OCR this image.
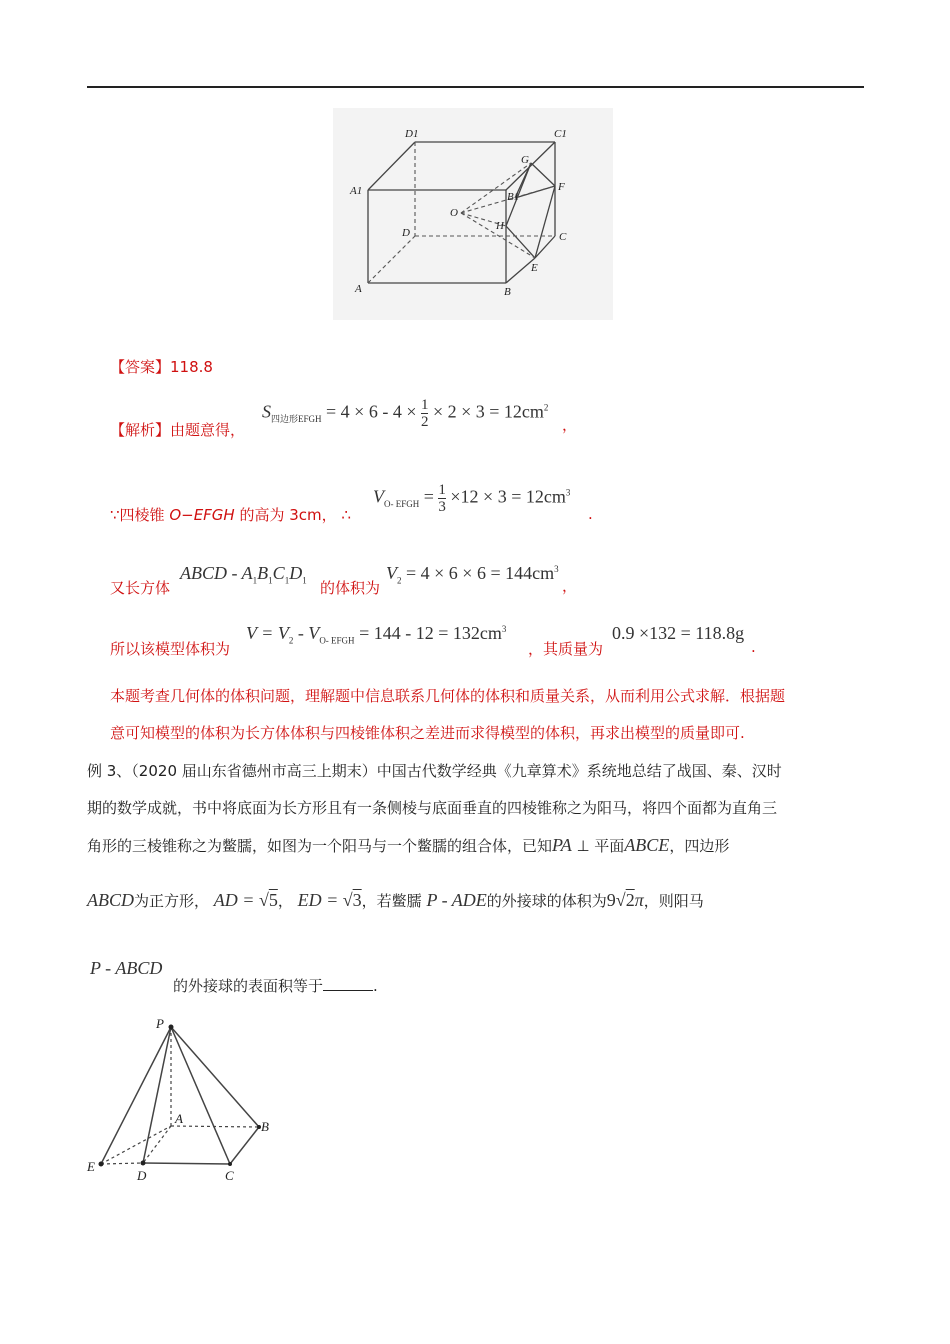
D1	C1
G
A1	B1
F
O
D
H
C
E
A	B
【答案】118.8
【解析】由题意得，
$S_{四边形EFGH} = 4 \times 6 - 4 \times \frac{1}{2} \times 2 \times 3 = 12cm^2$
，
∵四棱锥 O−EFGH 的高为 3cm， ∴
$V_{O- EFGH} = \frac{1}{3} \times 12 \times 3 = 12cm^3$
.
又长方体
ABCD - $A_1B_1C_1D_1$ 的体积为
$V_2 = 4 \times 6 \times 6 = 144cm^3$
，
所以该模型体积为
$V = V_2 - V_{O- EFGH} = 144 - 12 = 132cm^3$
，其质量为
0.9 ×132 = 118.8g
.
本题考查几何体的体积问题，理解题中信息联系几何体的体积和质量关系，从而利用公式求解．根据题
意可知模型的体积为长方体体积与四棱锥体积之差进而求得模型的体积，再求出模型的质量即可.
例 3、（2020 届山东省德州市高三上期末）中国古代数学经典《九章算术》系统地总结了战国、秦、汉时
期的数学成就，书中将底面为长方形且有一条侧棱与底面垂直的四棱锥称之为阳马，将四个面都为直角三
角形的三棱锥称之为鳖臑，如图为一个阳马与一个鳖臑的组合体，已知PA ⊥ 平面ABCE，四边形
ABCD为正方形， AD = √5， ED = √3，若鳖臑 P - ADE的外接球的体积为9√2π，则阳马
P - ABCD
的外接球的表面积等于	.
P
A
B
E
D	C
